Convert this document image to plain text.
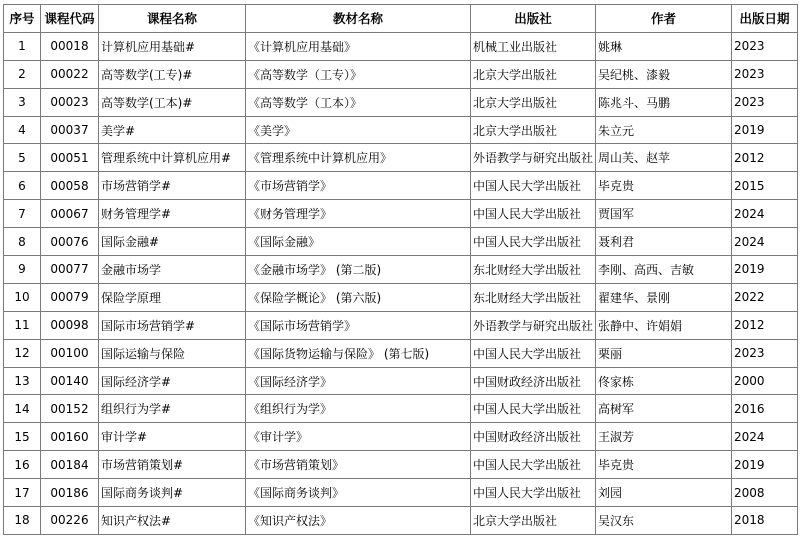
序号	课程代码	课程名称	教材名称	出版社	作者	出版日期
1	00018	计算机应用基础#	《计算机应用基础》	机械工业出版社	姚琳	2023
2	00022	高等数学(工专)#	《高等数学（工专）》	北京大学出版社	吴纪桃、漆毅	2023
3	00023	高等数学(工本)#	《高等数学（工本）》	北京大学出版社	陈兆斗、马鹏	2023
4	00037	美学#	《美学》	北京大学出版社	朱立元	2019
5	00051	管理系统中计算机应用#	《管理系统中计算机应用》	外语教学与研究出版社	周山芙、赵苹	2012
6	00058	市场营销学#	《市场营销学》	中国人民大学出版社	毕克贵	2015
7	00067	财务管理学#	《财务管理学》	中国人民大学出版社	贾国军	2024
8	00076	国际金融#	《国际金融》	中国人民大学出版社	聂利君	2024
9	00077	金融市场学	《金融市场学》 (第二版)	东北财经大学出版社	李刚、高西、吉敏	2019
10	00079	保险学原理	《保险学概论》 (第六版)	东北财经大学出版社	翟建华、景刚	2022
11	00098	国际市场营销学#	《国际市场营销学》	外语教学与研究出版社	张静中、许娟娟	2012
12	00100	国际运输与保险	《国际货物运输与保险》 (第七版)	中国人民大学出版社	栗丽	2023
13	00140	国际经济学#	《国际经济学》	中国财政经济出版社	佟家栋	2000
14	00152	组织行为学#	《组织行为学》	中国人民大学出版社	高树军	2016
15	00160	审计学#	《审计学》	中国财政经济出版社	王淑芳	2024
16	00184	市场营销策划#	《市场营销策划》	中国人民大学出版社	毕克贵	2019
17	00186	国际商务谈判#	《国际商务谈判》	中国人民大学出版社	刘园	2008
18	00226	知识产权法#	《知识产权法》	北京大学出版社	吴汉东	2018
